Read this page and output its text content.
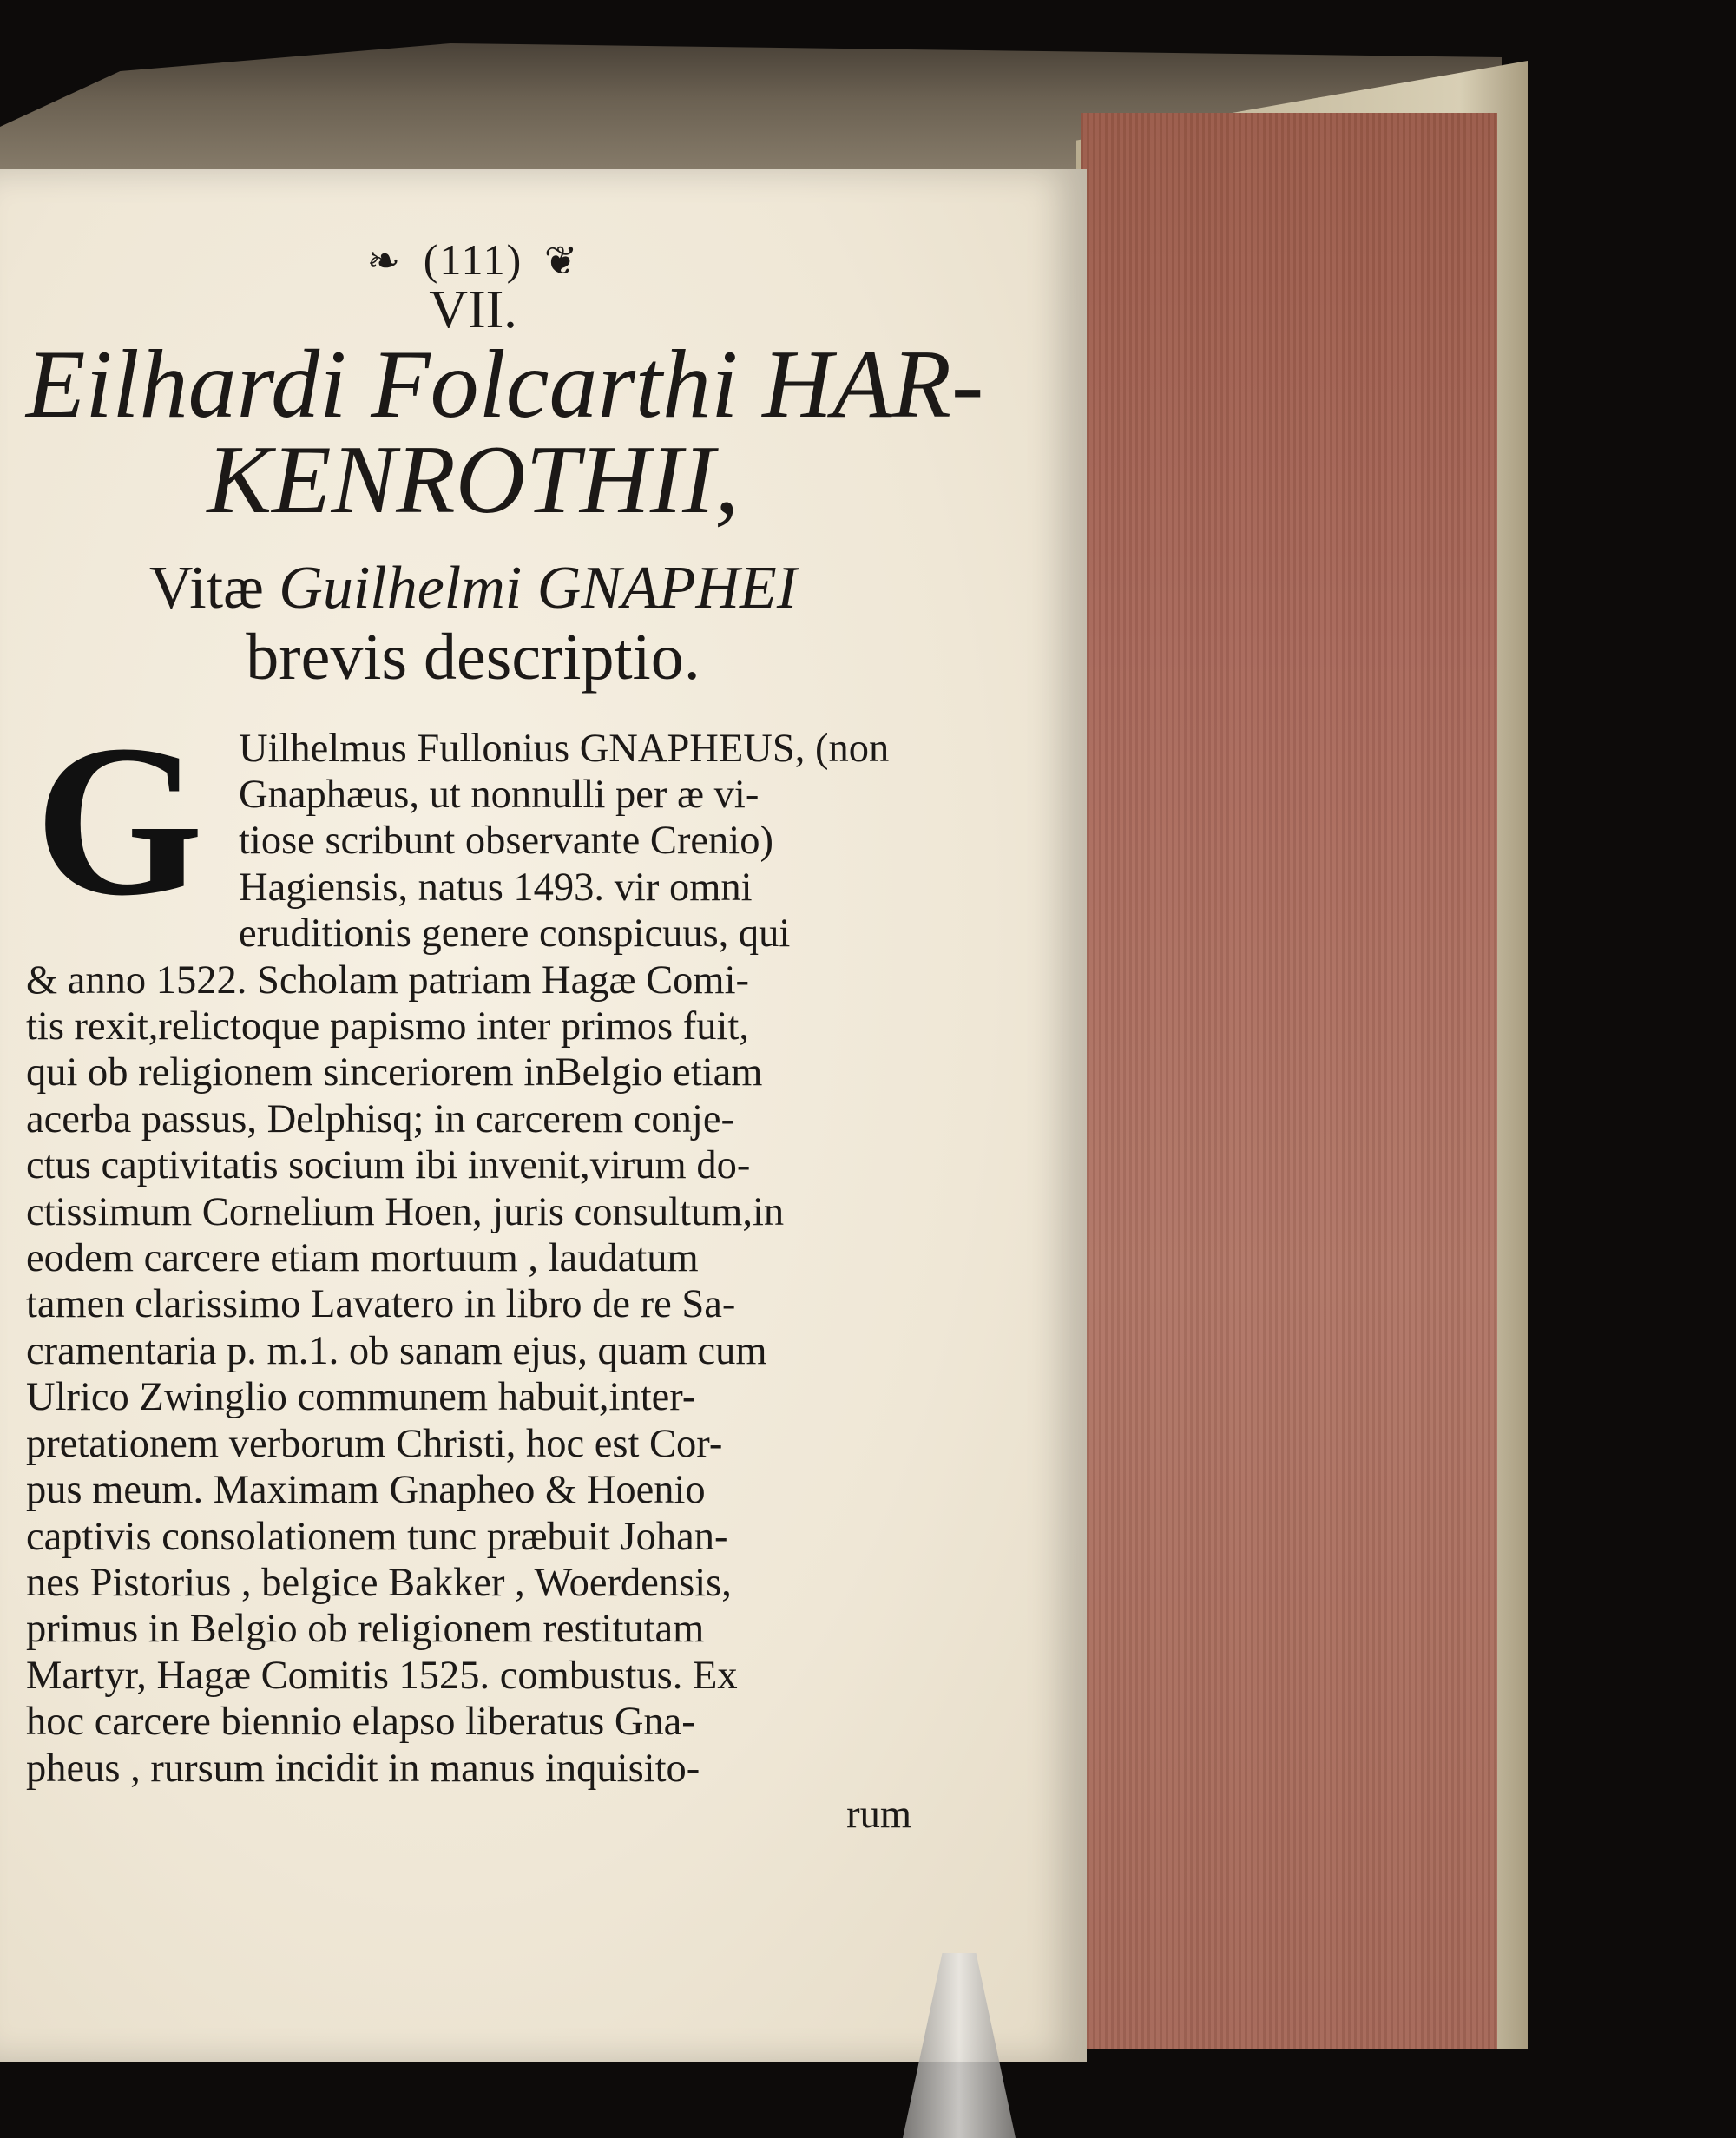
❧ (111) ❦
VII.
Eilhardi Folcarthi HAR-
KENROTHII,
Vitæ Guilhelmi GNAPHEI
brevis descriptio.
G Uilhelmus Fullonius GNAPHEUS, (non
Gnaphæus, ut nonnulli per æ vi-
tiose scribunt observante Crenio)
Hagiensis, natus 1493. vir omni
eruditionis genere conspicuus, qui
& anno 1522. Scholam patriam Hagæ Comi-
tis rexit,relictoque papismo inter primos fuit,
qui ob religionem sinceriorem inBelgio etiam
acerba passus, Delphisq; in carcerem conje-
ctus captivitatis socium ibi invenit,virum do-
ctissimum Cornelium Hoen, juris consultum,in
eodem carcere etiam mortuum , laudatum
tamen clarissimo Lavatero in libro de re Sa-
cramentaria p. m.1. ob sanam ejus, quam cum
Ulrico Zwinglio communem habuit,inter-
pretationem verborum Christi, hoc est Cor-
pus meum. Maximam Gnapheo & Hoenio
captivis consolationem tunc præbuit Johan-
nes Pistorius , belgice Bakker , Woerdensis,
primus in Belgio ob religionem restitutam
Martyr, Hagæ Comitis 1525. combustus. Ex
hoc carcere biennio elapso liberatus Gna-
pheus , rursum incidit in manus inquisito-
rum
